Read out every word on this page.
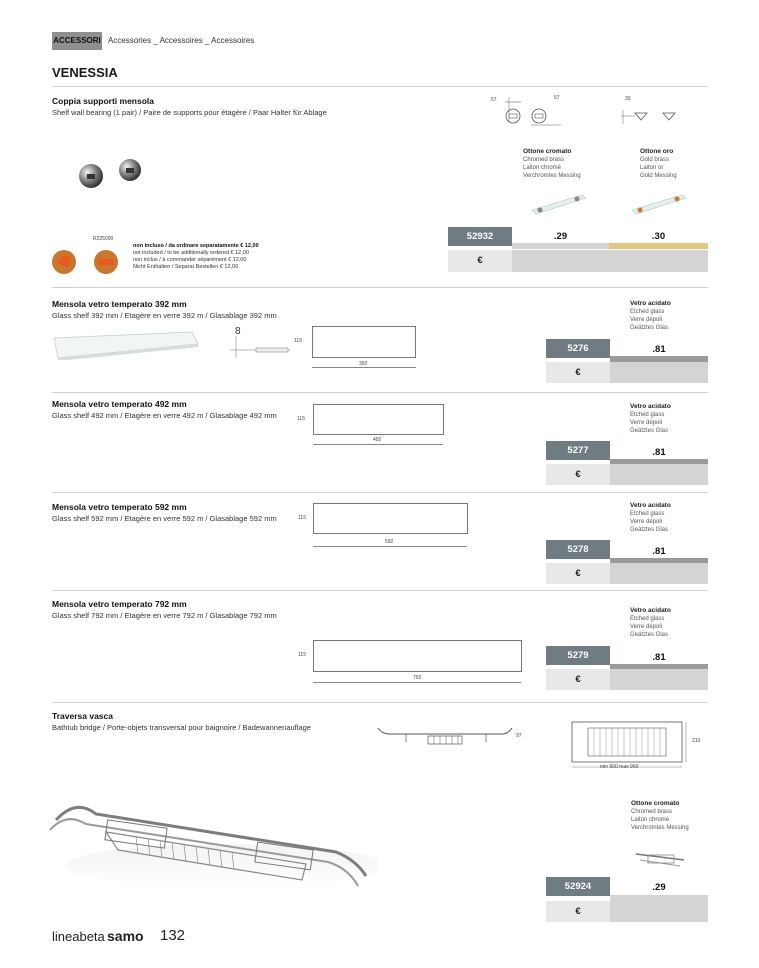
ACCESSORI Accessories _ Accessoires _ Accessoires
VENESSIA
Coppia supporti mensola
Shelf wall bearing (1 pair) / Paire de supports pour étagère / Paar Halter für Ablage
57	57	30
Ottone cromato
Chromed brass
Laiton chromé
Verchromtes Messing
Ottone oro
Gold brass
Laiton or
Gold Messing
R225000
non incluso / da ordinare separatamente € 12,00
not included / to be additionally ordered € 12,00
non inclus / à commander séparément € 12,00
Nicht Enthalten / Separat Bestellen € 12,00
52932	.29	.30
€
Mensola vetro temperato 392 mm
Glass shelf 392 mm / Etagère en verre 392 m / Glasablage 392 mm
8
115
392
Vetro acidato
Etched glass
Verre dépoli
Geätztes Glas
5276	.81
€
Mensola vetro temperato 492 mm
Glass shelf 492 mm / Etagère en verre 492 m / Glasablage 492 mm	115
492
Vetro acidato
Etched glass
Verre dépoli
Geätztes Glas
5277	.81
€
Mensola vetro temperato 592 mm
Glass shelf 592 mm / Etagère en verre 592 m / Glasablage 592 mm	115
592
Vetro acidato
Etched glass
Verre dépoli
Geätztes Glas
5278	.81
€
Mensola vetro temperato 792 mm
Glass shelf 792 mm / Etagère en verre 792 m / Glasablage 792 mm
115
792
Vetro acidato
Etched glass
Verre dépoli
Geätztes Glas
5279	.81
€
Traversa vasca
Bathtub bridge / Porte-objets transversal pour baignoire / Badewannenauflage
97
210
min 600 max 900
Ottone cromato
Chromed brass
Laiton chromé
Verchromtes Messing
52924	.29
€
lineabeta samo 132
